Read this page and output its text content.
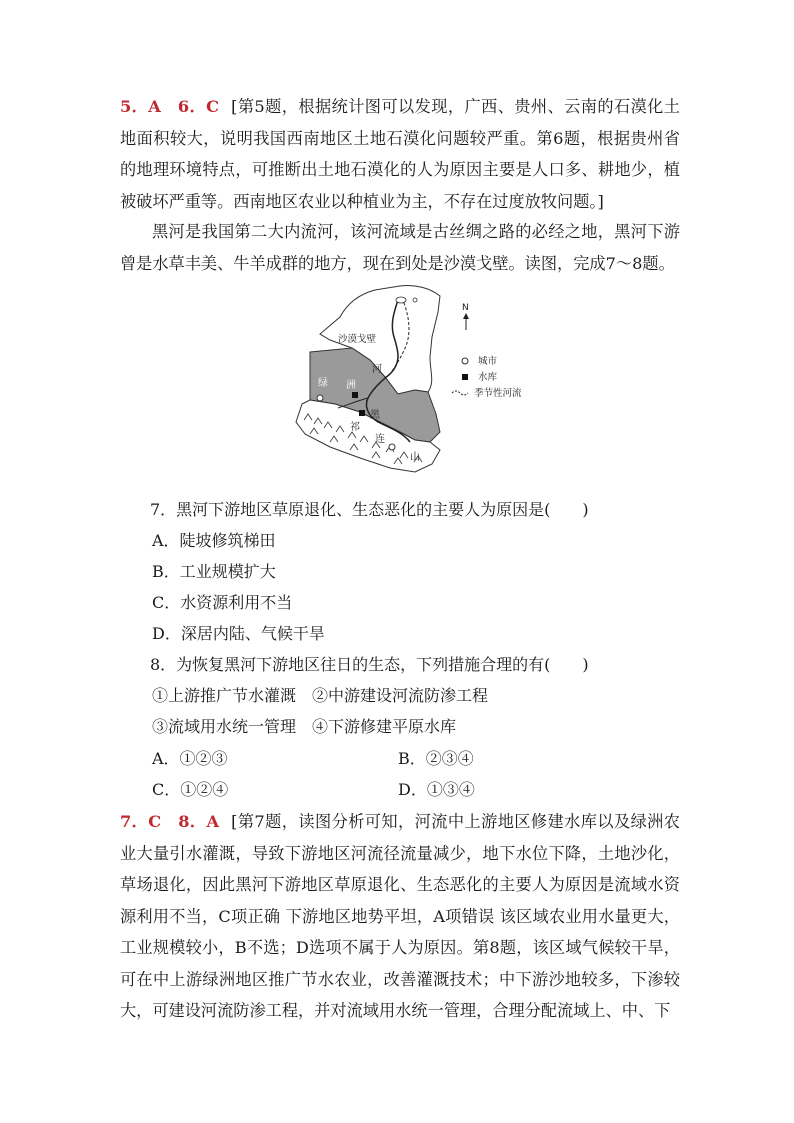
5．A　6．C [第5题，根据统计图可以发现，广西、贵州、云南的石漠化土地面积较大，说明我国西南地区土地石漠化问题较严重。第6题，根据贵州省的地理环境特点，可推断出土地石漠化的人为原因主要是人口多、耕地少，植被破坏严重等。西南地区农业以种植业为主，不存在过度放牧问题。]
黑河是我国第二大内流河，该河流域是古丝绸之路的必经之地，黑河下游曾是水草丰美、牛羊成群的地方，现在到处是沙漠戈壁。读图，完成7～8题。
沙漠戈壁
河
绿 洲
黑
祁
连
山
N
城市
水库
季节性河流
7．黑河下游地区草原退化、生态恶化的主要人为原因是(　　)
A．陡坡修筑梯田
B．工业规模扩大
C．水资源利用不当
D．深居内陆、气候干旱
8．为恢复黑河下游地区往日的生态，下列措施合理的有(　　)
①上游推广节水灌溉　②中游建设河流防渗工程
③流域用水统一管理　④下游修建平原水库
A．①②③	B．②③④
C．①②④	D．①③④
7．C　8．A [第7题，读图分析可知，河流中上游地区修建水库以及绿洲农业大量引水灌溉，导致下游地区河流径流量减少，地下水位下降，土地沙化，草场退化，因此黑河下游地区草原退化、生态恶化的主要人为原因是流域水资源利用不当，C项正确 下游地区地势平坦，A项错误 该区域农业用水量更大，工业规模较小，B不选；D选项不属于人为原因。第8题，该区域气候较干旱，可在中上游绿洲地区推广节水农业，改善灌溉技术；中下游沙地较多，下渗较大，可建设河流防渗工程，并对流域用水统一管理，合理分配流域上、中、下
